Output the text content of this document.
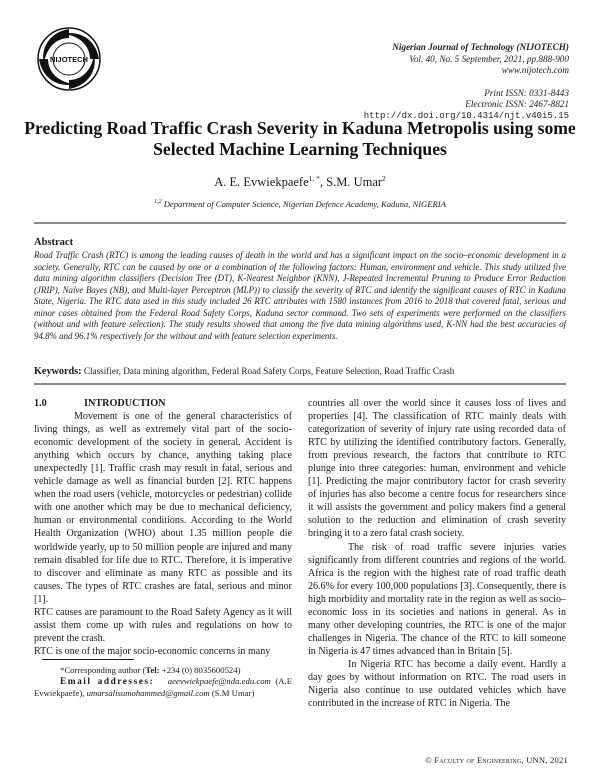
NIJOTECH
Nigerian Journal of Technology (NIJOTECH)
Vol. 40, No. 5 September, 2021, pp.888-900
www.nijotech.com
Print ISSN: 0331-8443
Electronic ISSN: 2467-8821
http://dx.doi.org/10.4314/njt.v40i5.15
Predicting Road Traffic Crash Severity in Kaduna Metropolis using some
Selected Machine Learning Techniques
A. E. Evwiekpaefe$^{1, *}$, S.M. Umar$^2$
$^{1,2}$ Department of Computer Science, Nigerian Defence Academy, Kaduna, NIGERIA
Abstract
Road Traffic Crash (RTC) is among the leading causes of death in the world and has a significant impact on the socio–economic development in a society. Generally, RTC can be caused by one or a combination of the following factors: Human, environment and vehicle. This study utilized five data mining algorithm classifiers (Decision Tree (DT), K-Nearest Neighbor (KNN), J-Repeated Incremental Pruning to Produce Error Reduction (JRIP), Naïve Bayes (NB), and Multi-layer Perceptron (MLP)) to classify the severity of RTC and identify the significant causes of RTC in Kaduna State, Nigeria. The RTC data used in this study included 26 RTC attributes with 1580 instances from 2016 to 2018 that covered fatal, serious and minor cases obtained from the Federal Road Safety Corps, Kaduna sector command. Two sets of experiments were performed on the classifiers (without and with feature selection). The study results showed that among the five data mining algorithms used, K-NN had the best accuracies of 94.8% and 96.1% respectively for the without and with feature selection experiments.
Keywords: Classifier, Data mining algorithm, Federal Road Safety Corps, Feature Selection, Road Traffic Crash

1.0	INTRODUCTION

Movement is one of the general characteristics of living things, as well as extremely vital part of the socio-economic development of the society in general. Accident is anything which occurs by chance, anything taking place unexpectedly [1]. Traffic crash may result in fatal, serious and vehicle damage as well as financial burden [2]. RTC happens when the road users (vehicle, motorcycles or pedestrian) collide with one another which may be due to mechanical deficiency, human or environmental conditions. According to the World Health Organization (WHO) about 1.35 million people die worldwide yearly, up to 50 million people are injured and many remain disabled for life due to RTC. Therefore, it is imperative to discover and eliminate as many RTC as possible and its causes. The types of RTC crashes are fatal, serious and minor [1].

RTC causes are paramount to the Road Safety Agency as it will assist them come up with rules and regulations on how to prevent the crash.

RTC is one of the major socio-economic concerns in many

countries all over the world since it causes loss of lives and properties [4]. The classification of RTC mainly deals with categorization of severity of injury rate using recorded data of RTC by utilizing the identified contributory factors. Generally, from previous research, the factors that contribute to RTC plunge into three categories: human, environment and vehicle [1]. Predicting the major contributory factor for crash severity of injuries has also become a centre focus for researchers since it will assists the government and policy makers find a general solution to the reduction and elimination of crash severity bringing it to a zero fatal crash society.

The risk of road traffic severe injuries varies significantly from different countries and regions of the world. Africa is the region with the highest rate of road traffic death 26.6% for every 100,000 populations [3]. Consequently, there is high morbidity and mortality rate in the region as well as socio–economic loss in its societies and nations in general. As in many other developing countries, the RTC is one of the major challenges in Nigeria. The chance of the RTC to kill someone in Nigeria is 47 times advanced than in Britain [5].

In Nigeria RTC has become a daily event. Hardly a day goes by without information on RTC. The road users in Nigeria also continue to use outdated vehicles which have contributed in the increase of RTC in Nigeria. The

*Corresponding author (Tel: +234 (0) 8035600524)

Email addresses: aeevwiekpaefe@nda.edu.com (A.E Evwiekpaefe), umarsalisumohammed@gmail.com (S.M Umar)

© Faculty of Engineering, UNN, 2021
